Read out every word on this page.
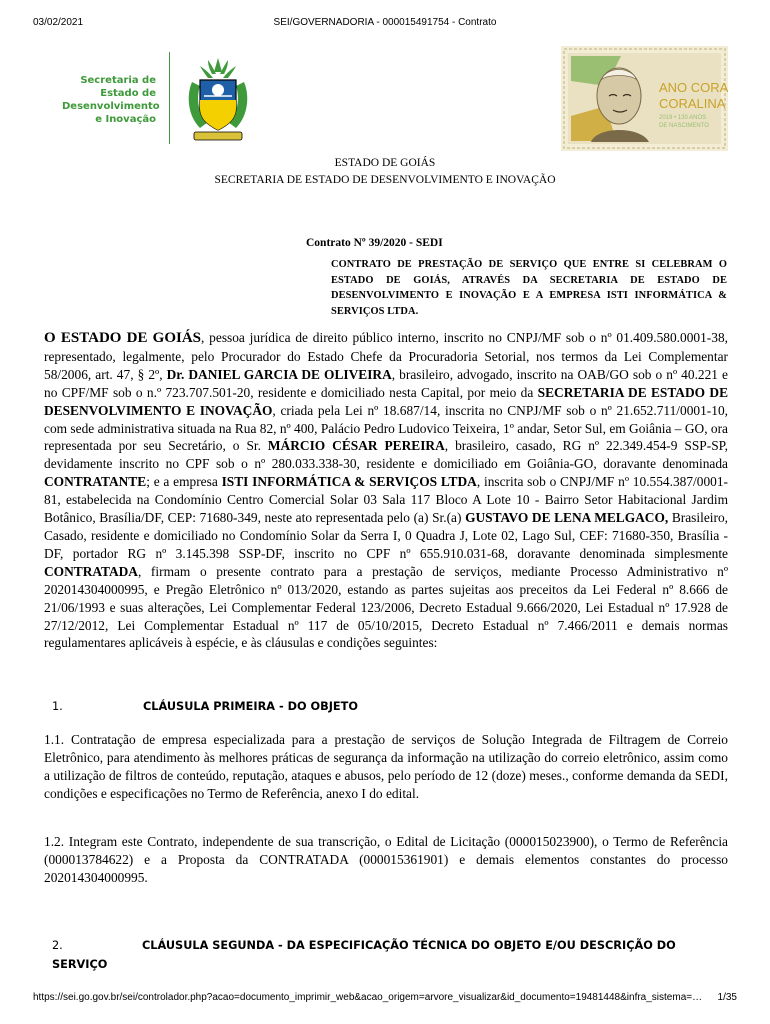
03/02/2021	SEI/GOVERNADORIA - 000015491754 - Contrato
Secretaria de
Estado de
Desenvolvimento
e Inovação
ANO CORA
CORALINA
2019 • 130 ANOS
DE NASCIMENTO
ESTADO DE GOIÁS
SECRETARIA DE ESTADO DE DESENVOLVIMENTO E INOVAÇÃO
Contrato Nº 39/2020 - SEDI
CONTRATO DE PRESTAÇÃO DE SERVIÇO QUE ENTRE SI CELEBRAM O ESTADO DE GOIÁS, ATRAVÉS DA SECRETARIA DE ESTADO DE DESENVOLVIMENTO E INOVAÇÃO E A EMPRESA ISTI INFORMÁTICA & SERVIÇOS LTDA.
O ESTADO DE GOIÁS, pessoa jurídica de direito público interno, inscrito no CNPJ/MF sob o nº 01.409.580.0001-38, representado, legalmente, pelo Procurador do Estado Chefe da Procuradoria Setorial, nos termos da Lei Complementar 58/2006, art. 47, § 2º, Dr. DANIEL GARCIA DE OLIVEIRA, brasileiro, advogado, inscrito na OAB/GO sob o nº 40.221 e no CPF/MF sob o n.º 723.707.501-20, residente e domiciliado nesta Capital, por meio da SECRETARIA DE ESTADO DE DESENVOLVIMENTO E INOVAÇÃO, criada pela Lei nº 18.687/14, inscrita no CNPJ/MF sob o nº 21.652.711/0001-10, com sede administrativa situada na Rua 82, nº 400, Palácio Pedro Ludovico Teixeira, 1º andar, Setor Sul, em Goiânia – GO, ora representada por seu Secretário, o Sr. MÁRCIO CÉSAR PEREIRA, brasileiro, casado, RG nº 22.349.454-9 SSP-SP, devidamente inscrito no CPF sob o nº 280.033.338-30, residente e domiciliado em Goiânia-GO, doravante denominada CONTRATANTE; e a empresa ISTI INFORMÁTICA & SERVIÇOS LTDA, inscrita sob o CNPJ/MF nº 10.554.387/0001-81, estabelecida na Condomínio Centro Comercial Solar 03 Sala 117 Bloco A Lote 10 - Bairro Setor Habitacional Jardim Botânico, Brasília/DF, CEP: 71680-349, neste ato representada pelo (a) Sr.(a) GUSTAVO DE LENA MELGACO, Brasileiro, Casado, residente e domiciliado no Condomínio Solar da Serra I, 0 Quadra J, Lote 02, Lago Sul, CEF: 71680-350, Brasília - DF, portador RG nº 3.145.398 SSP-DF, inscrito no CPF nº 655.910.031-68, doravante denominada simplesmente CONTRATADA, firmam o presente contrato para a prestação de serviços, mediante Processo Administrativo nº 202014304000995, e Pregão Eletrônico nº 013/2020, estando as partes sujeitas aos preceitos da Lei Federal nº 8.666 de 21/06/1993 e suas alterações, Lei Complementar Federal 123/2006, Decreto Estadual 9.666/2020, Lei Estadual nº 17.928 de 27/12/2012, Lei Complementar Estadual nº 117 de 05/10/2015, Decreto Estadual nº 7.466/2011 e demais normas regulamentares aplicáveis à espécie, e às cláusulas e condições seguintes:
1.	CLÁUSULA PRIMEIRA - DO OBJETO
1.1. Contratação de empresa especializada para a prestação de serviços de Solução Integrada de Filtragem de Correio Eletrônico, para atendimento às melhores práticas de segurança da informação na utilização do correio eletrônico, assim como a utilização de filtros de conteúdo, reputação, ataques e abusos, pelo período de 12 (doze) meses., conforme demanda da SEDI, condições e especificações no Termo de Referência, anexo I do edital.
1.2. Integram este Contrato, independente de sua transcrição, o Edital de Licitação (000015023900), o Termo de Referência (000013784622) e a Proposta da CONTRATADA (000015361901) e demais elementos constantes do processo 202014304000995.
2.	CLÁUSULA SEGUNDA - DA ESPECIFICAÇÃO TÉCNICA DO OBJETO E/OU DESCRIÇÃO DO SERVIÇO
https://sei.go.gov.br/sei/controlador.php?acao=documento_imprimir_web&acao_origem=arvore_visualizar&id_documento=19481448&infra_sistema=…	1/35
